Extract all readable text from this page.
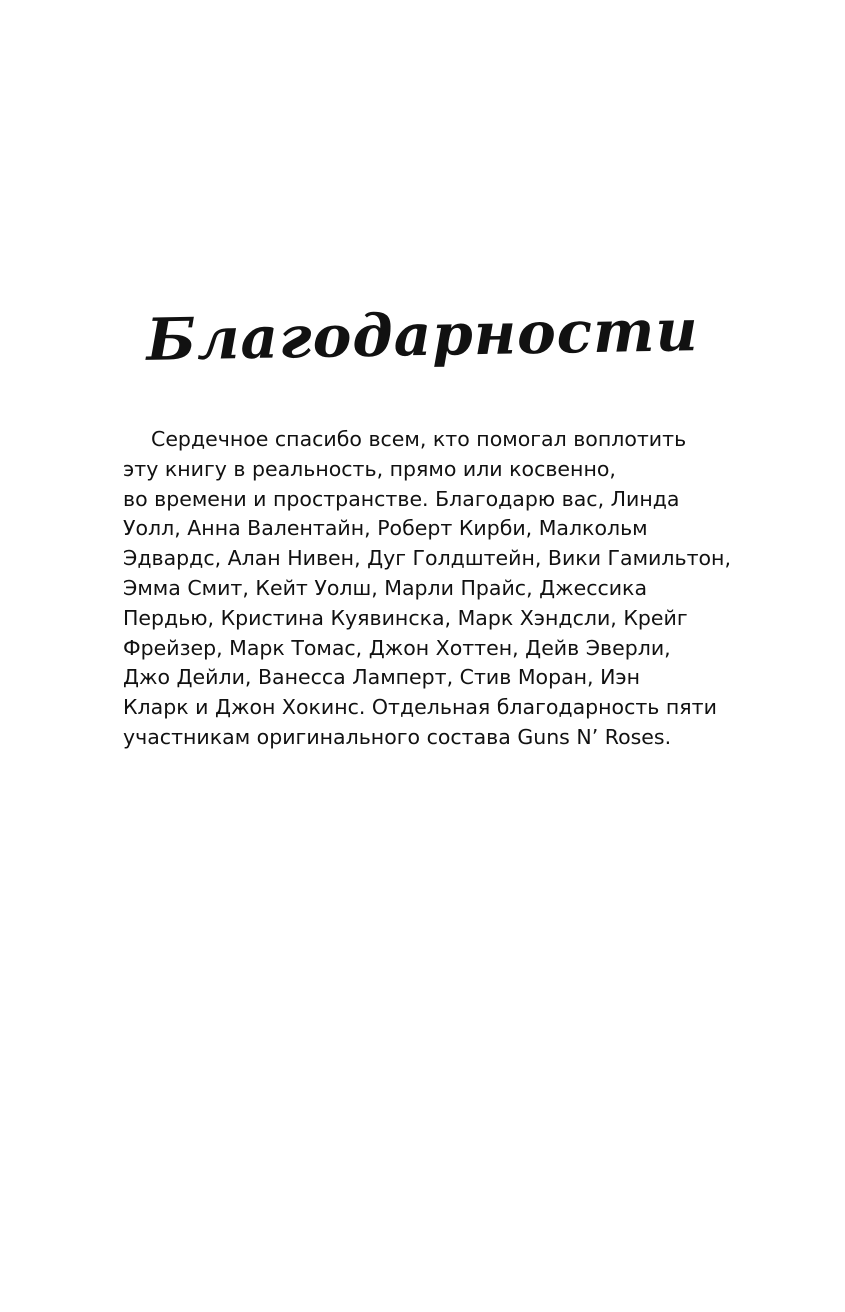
Благодарности
Сердечное спасибо всем, кто помогал воплотить
эту книгу в реальность, прямо или косвенно,
во времени и пространстве. Благодарю вас, Линда
Уолл, Анна Валентайн, Роберт Кирби, Малкольм
Эдвардс, Алан Нивен, Дуг Голдштейн, Вики Гамильтон,
Эмма Смит, Кейт Уолш, Марли Прайс, Джессика
Пердью, Кристина Куявинска, Марк Хэндсли, Крейг
Фрейзер, Марк Томас, Джон Хоттен, Дейв Эверли,
Джо Дейли, Ванесса Ламперт, Стив Моран, Иэн
Кларк и Джон Хокинс. Отдельная благодарность пяти
участникам оригинального состава Guns N’ Roses.
